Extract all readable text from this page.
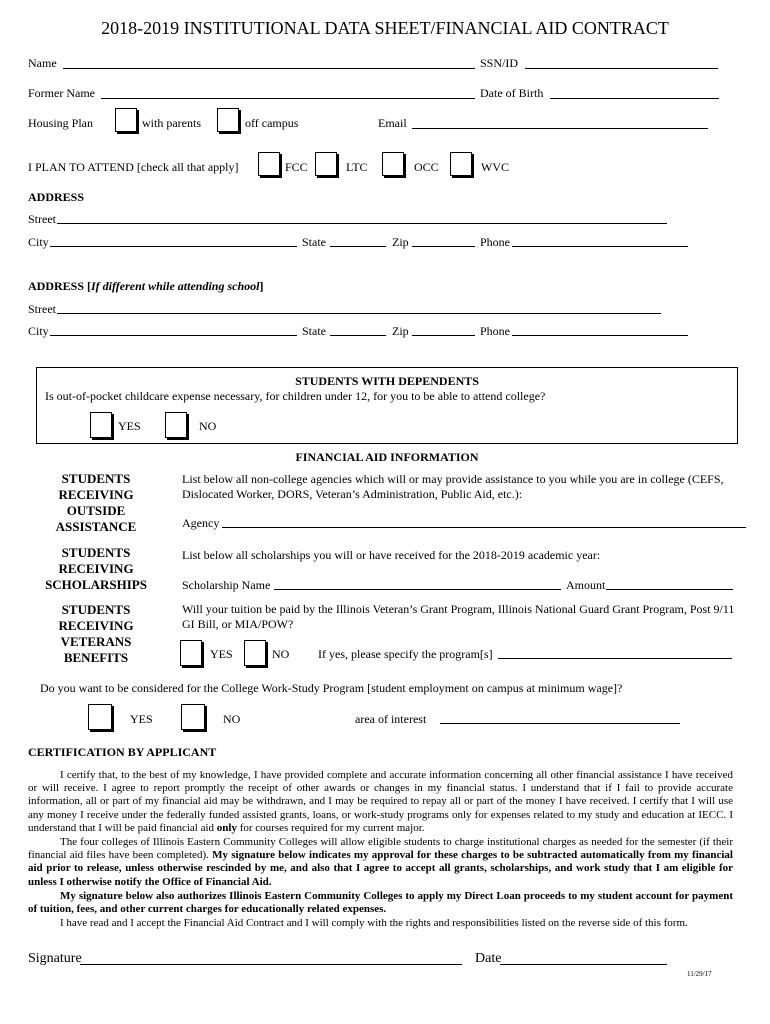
2018-2019 INSTITUTIONAL DATA SHEET/FINANCIAL AID CONTRACT
Name	SSN/ID
Former Name	Date of Birth
Housing Plan	with parents	off campus	Email
I PLAN TO ATTEND [check all that apply]	FCC	LTC	OCC	WVC
ADDRESS
Street
City	State	Zip	Phone
ADDRESS [If different while attending school]
Street
City	State	Zip	Phone
STUDENTS WITH DEPENDENTS
Is out-of-pocket childcare expense necessary, for children under 12, for you to be able to attend college?
YES	NO
FINANCIAL AID INFORMATION
STUDENTS
RECEIVING
OUTSIDE
ASSISTANCE
List below all non-college agencies which will or may provide assistance to you while you are in college (CEFS, Dislocated Worker, DORS, Veteran’s Administration, Public Aid, etc.):
Agency
STUDENTS
RECEIVING
SCHOLARSHIPS
List below all scholarships you will or have received for the 2018-2019 academic year:
Scholarship Name	Amount
STUDENTS
RECEIVING
VETERANS
BENEFITS
Will your tuition be paid by the Illinois Veteran’s Grant Program, Illinois National Guard Grant Program, Post 9/11 GI Bill, or MIA/POW?
YES	NO If yes, please specify the program[s]
Do you want to be considered for the College Work-Study Program [student employment on campus at minimum wage]?
YES	NO	area of interest
CERTIFICATION BY APPLICANT
I certify that, to the best of my knowledge, I have provided complete and accurate information concerning all other financial assistance I have received or will receive. I agree to report promptly the receipt of other awards or changes in my financial status. I understand that if I fail to provide accurate information, all or part of my financial aid may be withdrawn, and I may be required to repay all or part of the money I have received. I certify that I will use any money I receive under the federally funded assisted grants, loans, or work-study programs only for expenses related to my study and education at IECC. I understand that I will be paid financial aid only for courses required for my current major.
The four colleges of Illinois Eastern Community Colleges will allow eligible students to charge institutional charges as needed for the semester (if their financial aid files have been completed). My signature below indicates my approval for these charges to be subtracted automatically from my financial aid prior to release, unless otherwise rescinded by me, and also that I agree to accept all grants, scholarships, and work study that I am eligible for unless I otherwise notify the Office of Financial Aid.
My signature below also authorizes Illinois Eastern Community Colleges to apply my Direct Loan proceeds to my student account for payment of tuition, fees, and other current charges for educationally related expenses.
I have read and I accept the Financial Aid Contract and I will comply with the rights and responsibilities listed on the reverse side of this form.
Signature	Date
11/29/17
